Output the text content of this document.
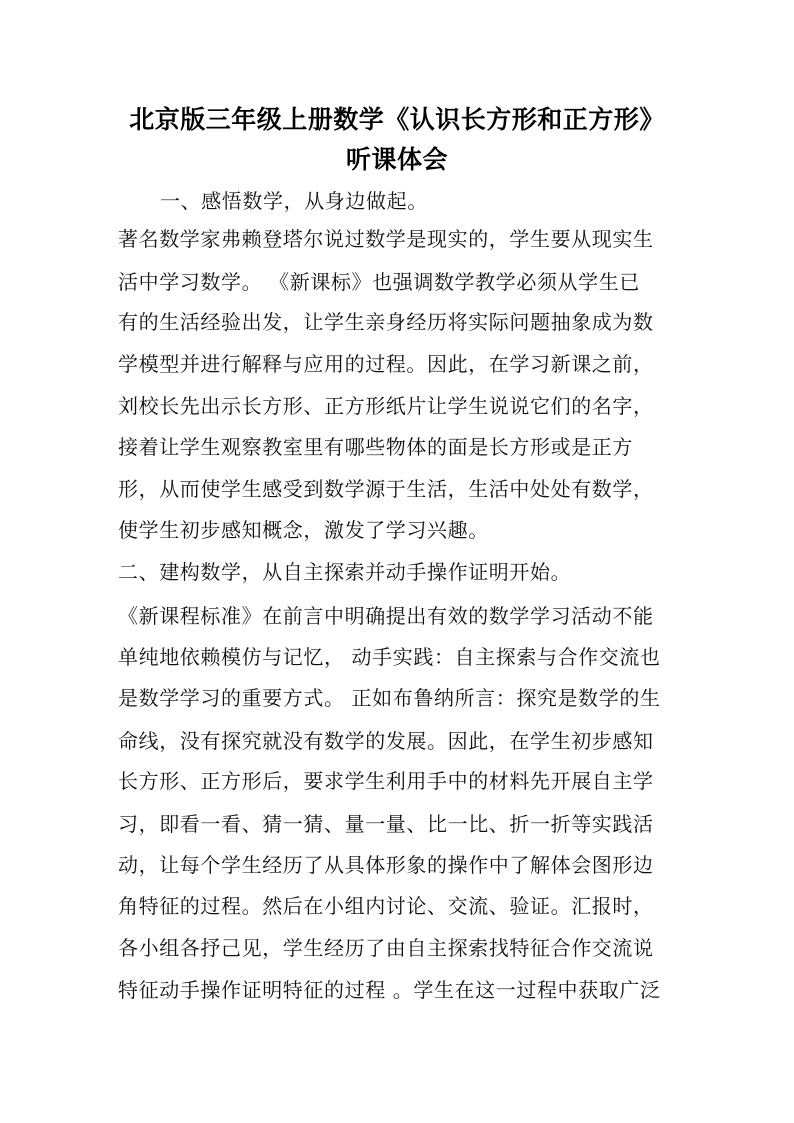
北京版三年级上册数学《认识长方形和正方形》
听课体会
一、感悟数学，从身边做起。
著名数学家弗赖登塔尔说过数学是现实的，学生要从现实生
活中学习数学。 《新课标》也强调数学教学必须从学生已
有的生活经验出发，让学生亲身经历将实际问题抽象成为数
学模型并进行解释与应用的过程。因此，在学习新课之前，
刘校长先出示长方形、正方形纸片让学生说说它们的名字，
接着让学生观察教室里有哪些物体的面是长方形或是正方
形，从而使学生感受到数学源于生活，生活中处处有数学，
使学生初步感知概念，激发了学习兴趣。
二、建构数学，从自主探索并动手操作证明开始。
《新课程标准》在前言中明确提出有效的数学学习活动不能
单纯地依赖模仿与记忆， 动手实践：自主探索与合作交流也
是数学学习的重要方式。 正如布鲁纳所言：探究是数学的生
命线，没有探究就没有数学的发展。因此，在学生初步感知
长方形、正方形后，要求学生利用手中的材料先开展自主学
习，即看一看、猜一猜、量一量、比一比、折一折等实践活
动，让每个学生经历了从具体形象的操作中了解体会图形边
角特征的过程。然后在小组内讨论、交流、验证。汇报时，
各小组各抒己见，学生经历了由自主探索找特征合作交流说
特征动手操作证明特征的过程 。学生在这一过程中获取广泛
